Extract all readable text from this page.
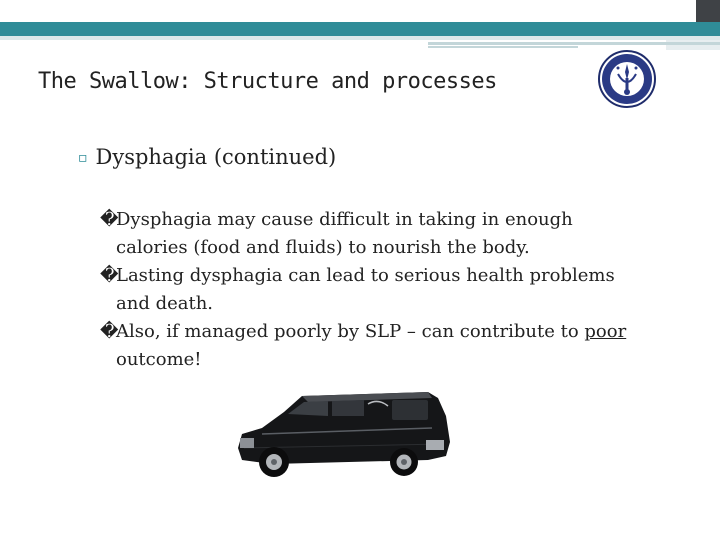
The Swallow: Structure and processes
▫ Dysphagia (continued)
�Dysphagia may cause difficult in taking in enough
calories (food and fluids) to nourish the body.
�Lasting dysphagia can lead to serious health problems
and death.
�Also, if managed poorly by SLP – can contribute to poor
outcome!
